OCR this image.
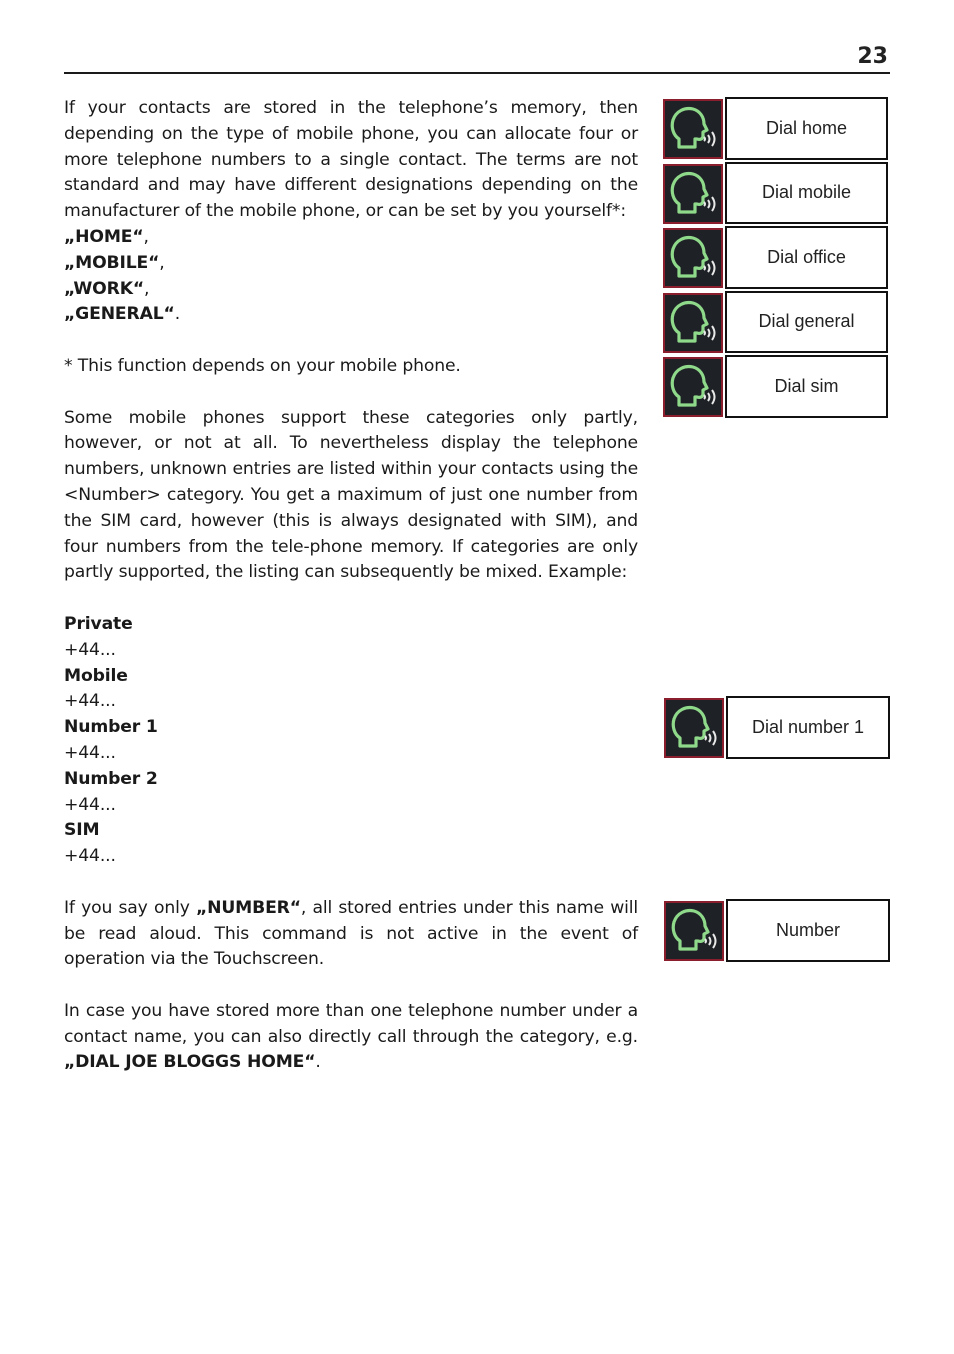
23

If your contacts are stored in the telephone’s memory, then depending on the type of mobile phone, you can allocate four or more telephone numbers to a single contact. The terms are not standard and may have different designations depending on the manufacturer of the mobile phone, or can be set by you yourself*:

„HOME“,
„MOBILE“,
„WORK“,
„GENERAL“.

* This function depends on your mobile phone.

Some mobile phones support these categories only partly, however, or not at all. To nevertheless display the telephone numbers, unknown entries are listed within your contacts using the <Number> category. You get a maximum of just one number from the SIM card, however (this is always designated with SIM), and four numbers from the tele-phone memory. If categories are only partly supported, the listing can subsequently be mixed. Example:

Private
+44...
Mobile
+44...
Number 1
+44...
Number 2
+44...
SIM
+44...

If you say only „NUMBER“, all stored entries under this name will be read aloud. This command is not active in the event of operation via the Touchscreen.

In case you have stored more than one telephone number under a contact name, you can also directly call through the category, e.g. „DIAL JOE BLOGGS HOME“.

Dial home
Dial mobile
Dial office
Dial general
Dial sim
Dial number 1
Number
